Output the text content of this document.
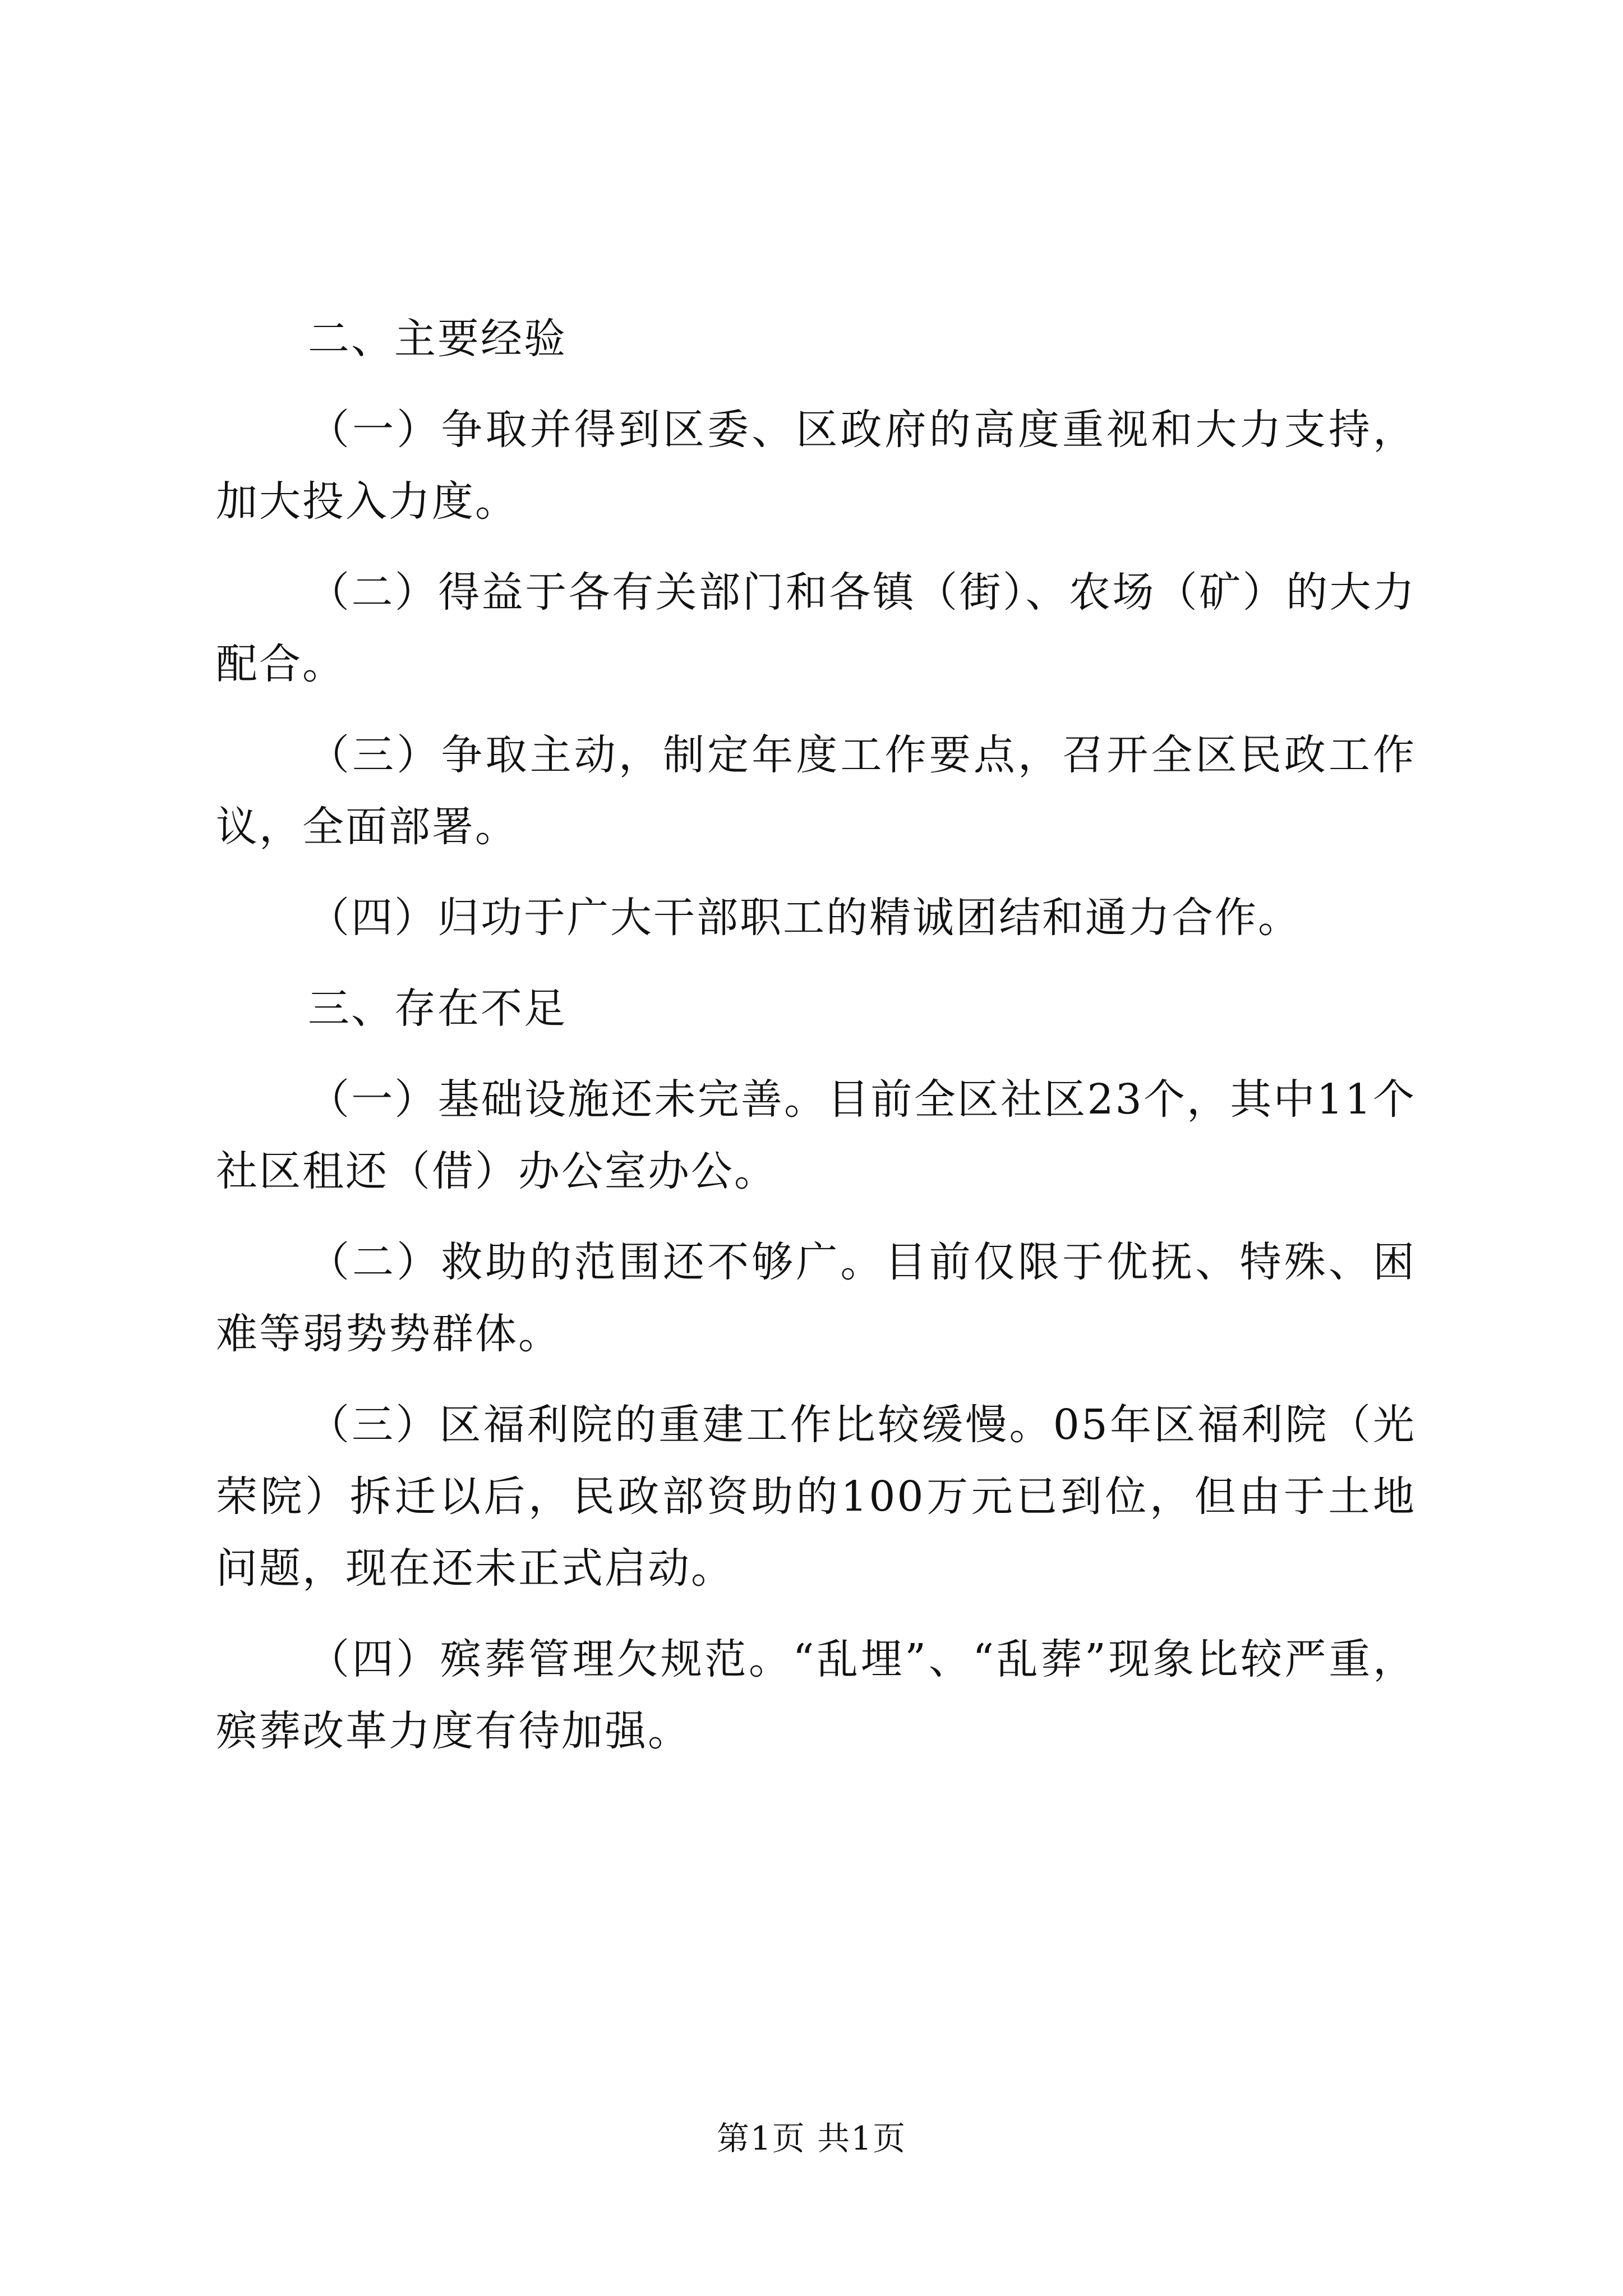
二、主要经验

（一）争取并得到区委、区政府的高度重视和大力支持，加大投入力度。

（二）得益于各有关部门和各镇（街）、农场（矿）的大力配合。

（三）争取主动，制定年度工作要点，召开全区民政工作议，全面部署。

（四）归功于广大干部职工的精诚团结和通力合作。

三、存在不足

（一）基础设施还未完善。目前全区社区23个，其中11个社区租还（借）办公室办公。

（二）救助的范围还不够广。目前仅限于优抚、特殊、困难等弱势势群体。

（三）区福利院的重建工作比较缓慢。05年区福利院（光荣院）拆迁以后，民政部资助的100万元已到位，但由于土地问题，现在还未正式启动。

（四）殡葬管理欠规范。“乱埋”、“乱葬”现象比较严重，殡葬改革力度有待加强。

第1页 共1页
